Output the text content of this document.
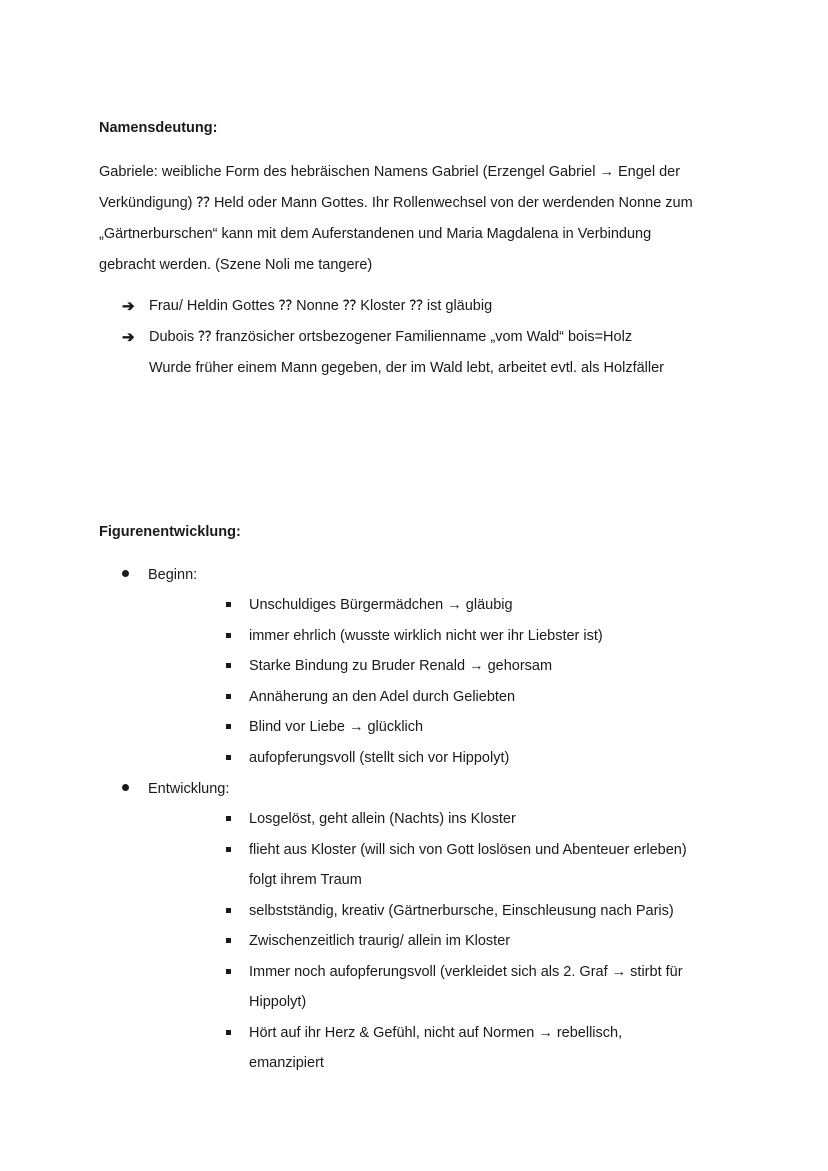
Namensdeutung:
Gabriele: weibliche Form des hebräischen Namens Gabriel (Erzengel Gabriel → Engel der
Verkündigung) ⁇ Held oder Mann Gottes. Ihr Rollenwechsel von der werdenden Nonne zum
„Gärtnerburschen“ kann mit dem Auferstandenen und Maria Magdalena in Verbindung
gebracht werden. (Szene Noli me tangere)
➔ Frau/ Heldin Gottes ⁇ Nonne ⁇ Kloster ⁇ ist gläubig
➔ Dubois ⁇ französicher ortsbezogener Familienname „vom Wald“ bois=Holz
Wurde früher einem Mann gegeben, der im Wald lebt, arbeitet evtl. als Holzfäller
Figurenentwicklung:
Beginn:
Unschuldiges Bürgermädchen → gläubig
immer ehrlich (wusste wirklich nicht wer ihr Liebster ist)
Starke Bindung zu Bruder Renald → gehorsam
Annäherung an den Adel durch Geliebten
Blind vor Liebe → glücklich
aufopferungsvoll (stellt sich vor Hippolyt)
Entwicklung:
Losgelöst, geht allein (Nachts) ins Kloster
flieht aus Kloster (will sich von Gott loslösen und Abenteuer erleben)
folgt ihrem Traum
selbstständig, kreativ (Gärtnerbursche, Einschleusung nach Paris)
Zwischenzeitlich traurig/ allein im Kloster
Immer noch aufopferungsvoll (verkleidet sich als 2. Graf → stirbt für
Hippolyt)
Hört auf ihr Herz & Gefühl, nicht auf Normen → rebellisch,
emanzipiert
